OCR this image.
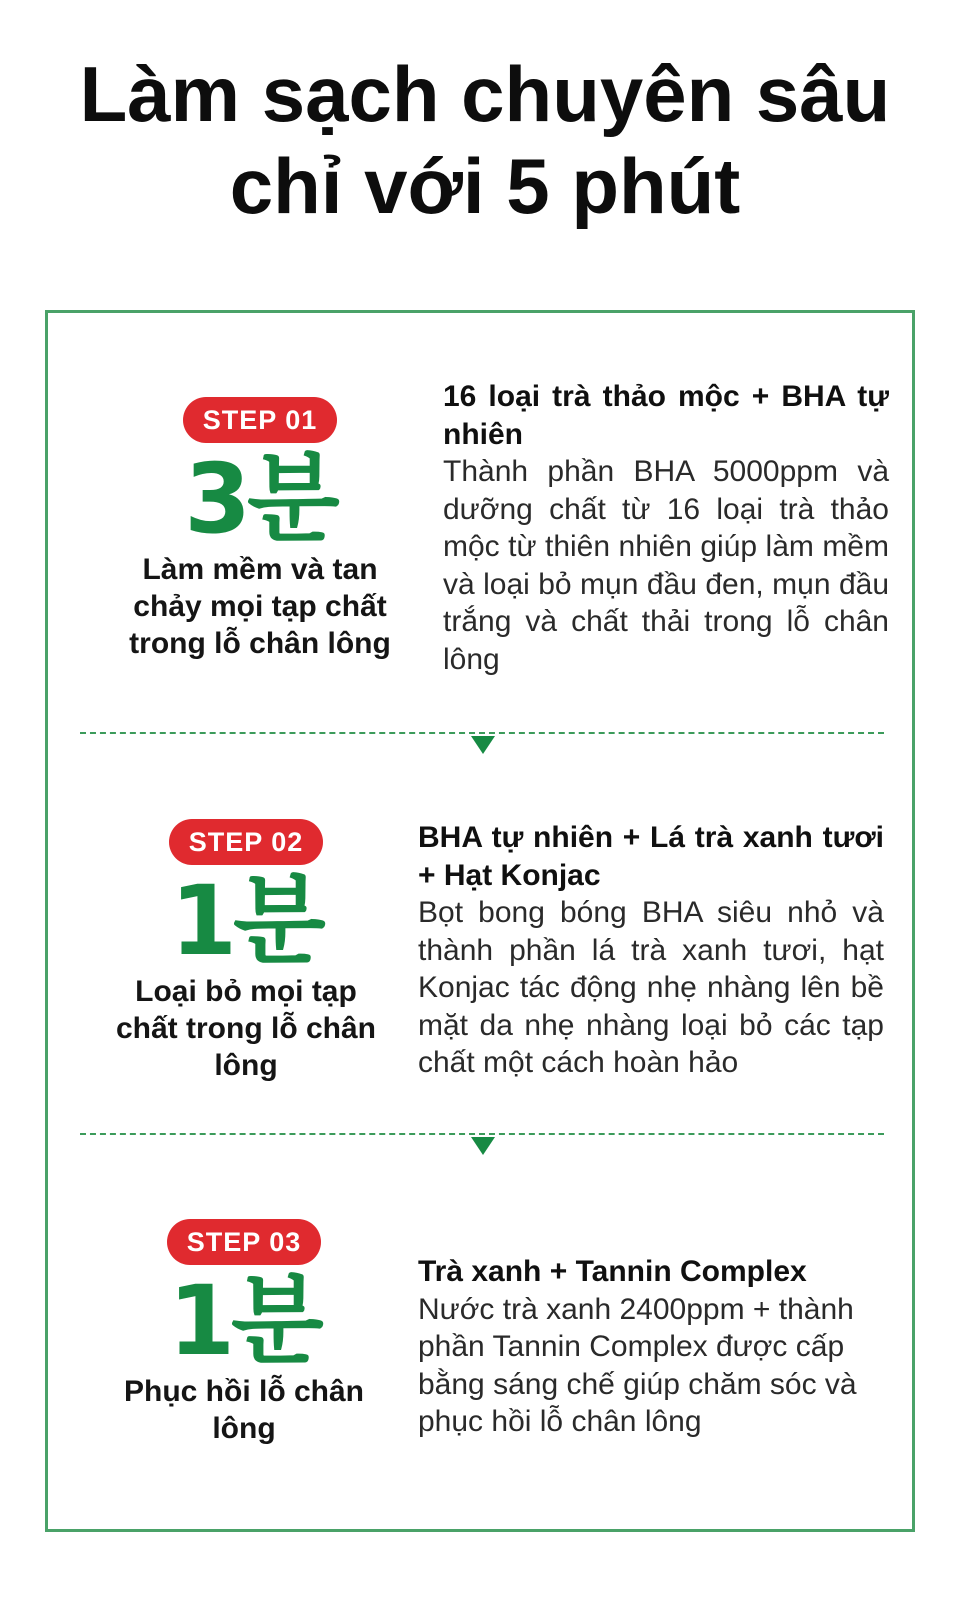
Làm sạch chuyên sâu
chỉ với 5 phút
STEP 01
3분
Làm mềm và tan chảy mọi tạp chất trong lỗ chân lông
16 loại trà thảo mộc + BHA tự nhiên
Thành phần BHA 5000ppm và dưỡng chất từ 16 loại trà thảo mộc từ thiên nhiên giúp làm mềm và loại bỏ mụn đầu đen, mụn đầu trắng và chất thải trong lỗ chân lông
STEP 02
1분
Loại bỏ mọi tạp chất trong lỗ chân lông
BHA tự nhiên + Lá trà xanh tươi + Hạt Konjac
Bọt bong bóng BHA siêu nhỏ và thành phần lá trà xanh tươi, hạt Konjac tác động nhẹ nhàng lên bề mặt da nhẹ nhàng loại bỏ các tạp chất một cách hoàn hảo
STEP 03
1분
Phục hồi lỗ chân lông
Trà xanh + Tannin Complex
Nước trà xanh 2400ppm + thành phần Tannin Complex được cấp bằng sáng chế giúp chăm sóc và phục hồi lỗ chân lông
